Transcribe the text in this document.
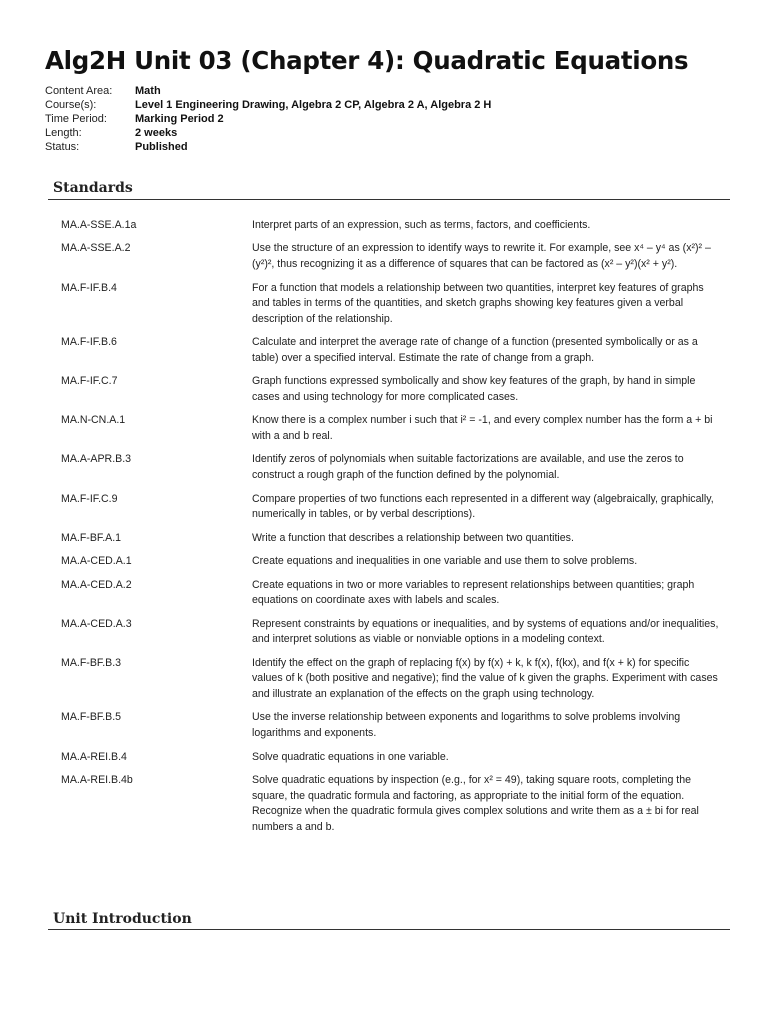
Alg2H Unit 03 (Chapter 4): Quadratic Equations
Content Area:	Math
Course(s):	Level 1 Engineering Drawing, Algebra 2 CP, Algebra 2 A, Algebra 2 H
Time Period:	Marking Period 2
Length:	2 weeks
Status:	Published
Standards
MA.A-SSE.A.1a	Interpret parts of an expression, such as terms, factors, and coefficients.
MA.A-SSE.A.2	Use the structure of an expression to identify ways to rewrite it. For example, see x⁴ – y⁴ as (x²)² – (y²)², thus recognizing it as a difference of squares that can be factored as (x² – y²)(x² + y²).
MA.F-IF.B.4	For a function that models a relationship between two quantities, interpret key features of graphs and tables in terms of the quantities, and sketch graphs showing key features given a verbal description of the relationship.
MA.F-IF.B.6	Calculate and interpret the average rate of change of a function (presented symbolically or as a table) over a specified interval. Estimate the rate of change from a graph.
MA.F-IF.C.7	Graph functions expressed symbolically and show key features of the graph, by hand in simple cases and using technology for more complicated cases.
MA.N-CN.A.1	Know there is a complex number i such that i² = -1, and every complex number has the form a + bi with a and b real.
MA.A-APR.B.3	Identify zeros of polynomials when suitable factorizations are available, and use the zeros to construct a rough graph of the function defined by the polynomial.
MA.F-IF.C.9	Compare properties of two functions each represented in a different way (algebraically, graphically, numerically in tables, or by verbal descriptions).
MA.F-BF.A.1	Write a function that describes a relationship between two quantities.
MA.A-CED.A.1	Create equations and inequalities in one variable and use them to solve problems.
MA.A-CED.A.2	Create equations in two or more variables to represent relationships between quantities; graph equations on coordinate axes with labels and scales.
MA.A-CED.A.3	Represent constraints by equations or inequalities, and by systems of equations and/or inequalities, and interpret solutions as viable or nonviable options in a modeling context.
MA.F-BF.B.3	Identify the effect on the graph of replacing f(x) by f(x) + k, k f(x), f(kx), and f(x + k) for specific values of k (both positive and negative); find the value of k given the graphs. Experiment with cases and illustrate an explanation of the effects on the graph using technology.
MA.F-BF.B.5	Use the inverse relationship between exponents and logarithms to solve problems involving logarithms and exponents.
MA.A-REI.B.4	Solve quadratic equations in one variable.
MA.A-REI.B.4b	Solve quadratic equations by inspection (e.g., for x² = 49), taking square roots, completing the square, the quadratic formula and factoring, as appropriate to the initial form of the equation. Recognize when the quadratic formula gives complex solutions and write them as a ± bi for real numbers a and b.
Unit Introduction
